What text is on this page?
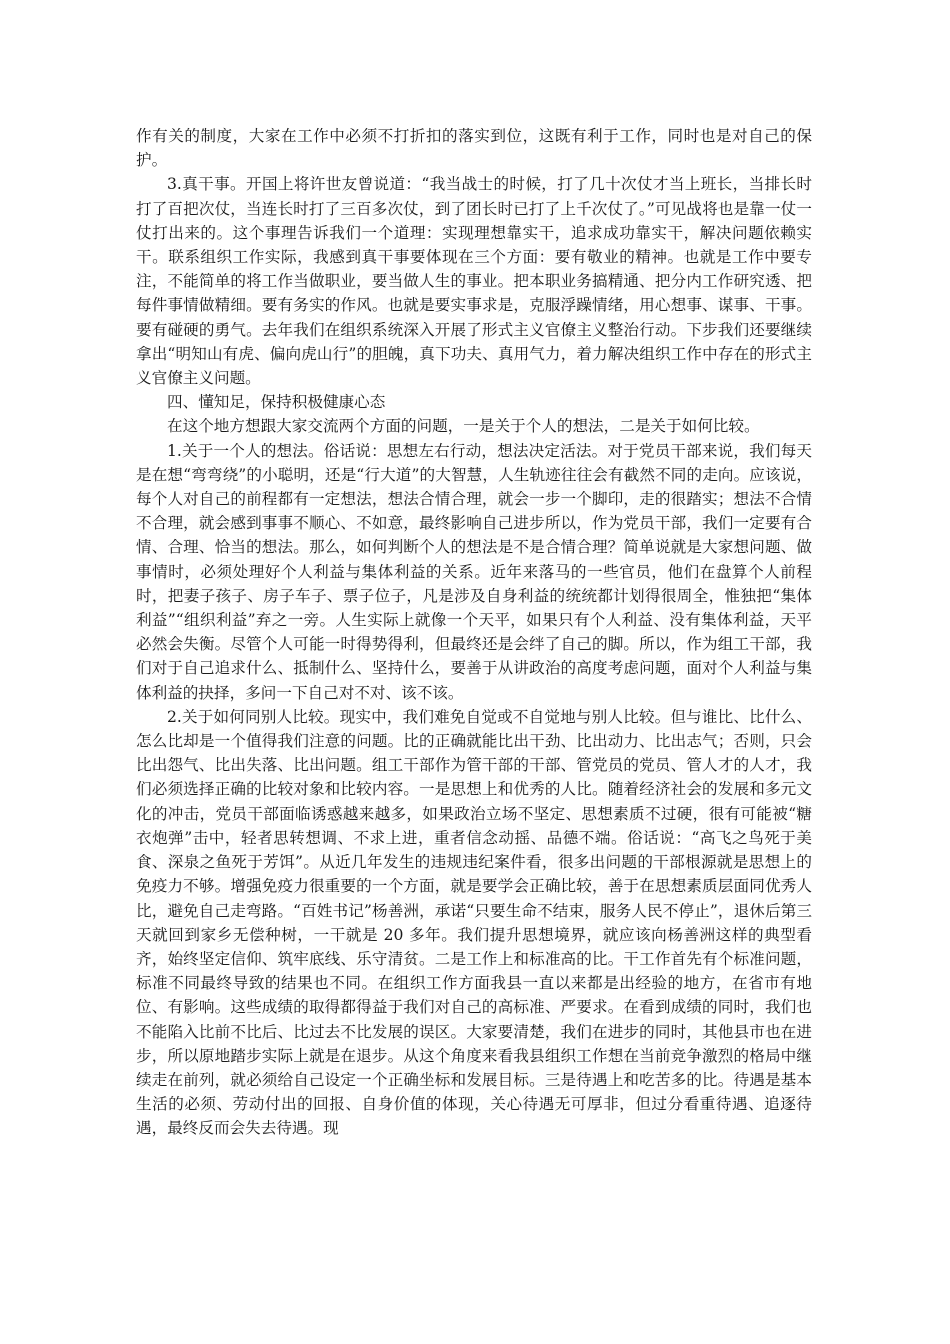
作有关的制度，大家在工作中必须不打折扣的落实到位，这既有利于工作，同时也是对自己的保护。

3.真干事。开国上将许世友曾说道：“我当战士的时候，打了几十次仗才当上班长，当排长时打了百把次仗，当连长时打了三百多次仗，到了团长时已打了上千次仗了。”可见战将也是靠一仗一仗打出来的。这个事理告诉我们一个道理：实现理想靠实干，追求成功靠实干，解决问题依赖实干。联系组织工作实际，我感到真干事要体现在三个方面：要有敬业的精神。也就是工作中要专注，不能简单的将工作当做职业，要当做人生的事业。把本职业务搞精通、把分内工作研究透、把每件事情做精细。要有务实的作风。也就是要实事求是，克服浮躁情绪，用心想事、谋事、干事。要有碰硬的勇气。去年我们在组织系统深入开展了形式主义官僚主义整治行动。下步我们还要继续拿出“明知山有虎、偏向虎山行”的胆魄，真下功夫、真用气力，着力解决组织工作中存在的形式主义官僚主义问题。

四、懂知足，保持积极健康心态

在这个地方想跟大家交流两个方面的问题，一是关于个人的想法，二是关于如何比较。

1.关于一个人的想法。俗话说：思想左右行动，想法决定活法。对于党员干部来说，我们每天是在想“弯弯绕”的小聪明，还是“行大道”的大智慧，人生轨迹往往会有截然不同的走向。应该说，每个人对自己的前程都有一定想法，想法合情合理，就会一步一个脚印，走的很踏实；想法不合情不合理，就会感到事事不顺心、不如意，最终影响自己进步所以，作为党员干部，我们一定要有合情、合理、恰当的想法。那么，如何判断个人的想法是不是合情合理？简单说就是大家想问题、做事情时，必须处理好个人利益与集体利益的关系。近年来落马的一些官员，他们在盘算个人前程时，把妻子孩子、房子车子、票子位子，凡是涉及自身利益的统统都计划得很周全，惟独把“集体利益”“组织利益”弃之一旁。人生实际上就像一个天平，如果只有个人利益、没有集体利益，天平必然会失衡。尽管个人可能一时得势得利，但最终还是会绊了自己的脚。所以，作为组工干部，我们对于自己追求什么、抵制什么、坚持什么，要善于从讲政治的高度考虑问题，面对个人利益与集体利益的抉择，多问一下自己对不对、该不该。

2.关于如何同别人比较。现实中，我们难免自觉或不自觉地与别人比较。但与谁比、比什么、怎么比却是一个值得我们注意的问题。比的正确就能比出干劲、比出动力、比出志气；否则，只会比出怨气、比出失落、比出问题。组工干部作为管干部的干部、管党员的党员、管人才的人才，我们必须选择正确的比较对象和比较内容。一是思想上和优秀的人比。随着经济社会的发展和多元文化的冲击，党员干部面临诱惑越来越多，如果政治立场不坚定、思想素质不过硬，很有可能被“糖衣炮弹”击中，轻者思转想调、不求上进，重者信念动摇、品德不端。俗话说：“高飞之鸟死于美食、深泉之鱼死于芳饵”。从近几年发生的违规违纪案件看，很多出问题的干部根源就是思想上的免疫力不够。增强免疫力很重要的一个方面，就是要学会正确比较，善于在思想素质层面同优秀人比，避免自己走弯路。“百姓书记”杨善洲，承诺“只要生命不结束，服务人民不停止”，退休后第三天就回到家乡无偿种树，一干就是 20 多年。我们提升思想境界，就应该向杨善洲这样的典型看齐，始终坚定信仰、筑牢底线、乐守清贫。二是工作上和标准高的比。干工作首先有个标准问题，标准不同最终导致的结果也不同。在组织工作方面我县一直以来都是出经验的地方，在省市有地位、有影响。这些成绩的取得都得益于我们对自己的高标准、严要求。在看到成绩的同时，我们也不能陷入比前不比后、比过去不比发展的误区。大家要清楚，我们在进步的同时，其他县市也在进步，所以原地踏步实际上就是在退步。从这个角度来看我县组织工作想在当前竞争激烈的格局中继续走在前列，就必须给自己设定一个正确坐标和发展目标。三是待遇上和吃苦多的比。待遇是基本生活的必须、劳动付出的回报、自身价值的体现，关心待遇无可厚非，但过分看重待遇、追逐待遇，最终反而会失去待遇。现
